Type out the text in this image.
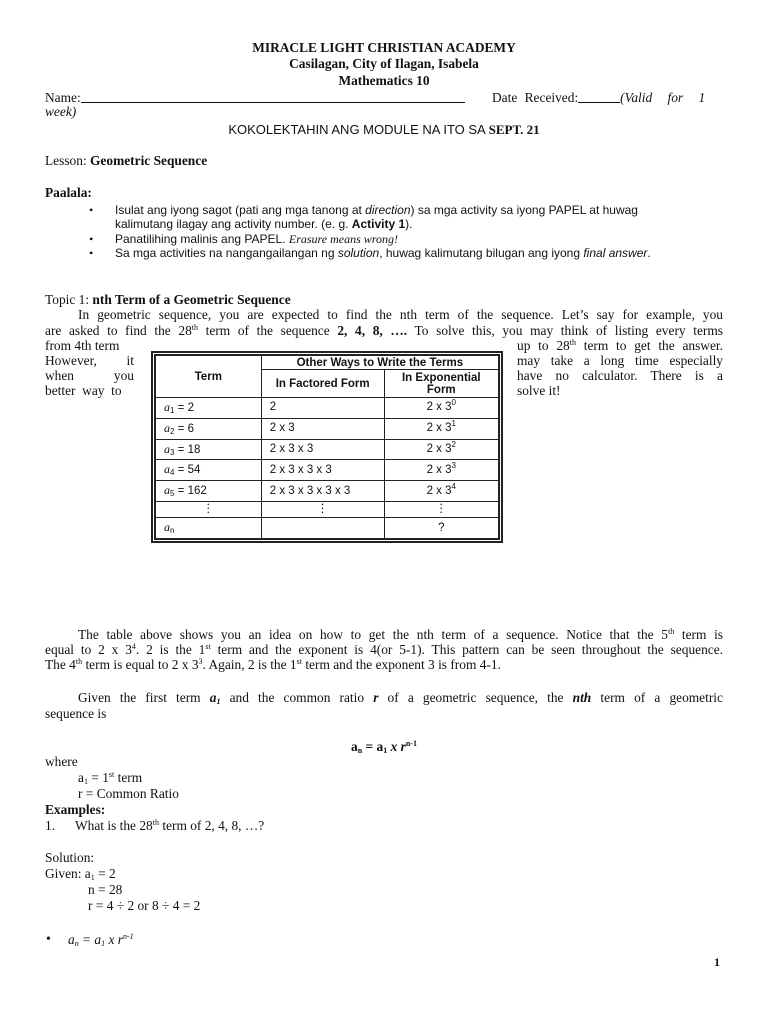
MIRACLE LIGHT CHRISTIAN ACADEMY
Casilagan, City of Ilagan, Isabela
Mathematics 10
Name:	Date Received:	(Valid for 1
week)
KOKOLEKTAHIN ANG MODULE NA ITO SA SEPT. 21
Lesson: Geometric Sequence
Paalala:
• Isulat ang iyong sagot (pati ang mga tanong at direction) sa mga activity sa iyong PAPEL at huwag
kalimutang ilagay ang activity number. (e. g. Activity 1).
• Panatilihing malinis ang PAPEL. Erasure means wrong!
• Sa mga activities na nangangailangan ng solution, huwag kalimutang bilugan ang iyong final answer.
Topic 1: nth Term of a Geometric Sequence
In geometric sequence, you are expected to find the nth term of the sequence. Let’s say for example, you
are asked to find the 28th term of the sequence 2, 4, 8, …. To solve this, you may think of listing every terms
from 4th term	up to 28th term to get the answer.
However,   it	may take a long time especially
when       you	have no calculator. There is a
better  way  to	solve it!
Term	Other Ways to Write the Terms	
	In Factored Form	In Exponential Form
$a_1 = 2$	2	2 x $3^0$
$a_2 = 6$	2 x 3	2 x $3^1$
$a_3 = 18$	2 x 3 x 3	2 x $3^2$
$a_4 = 54$	2 x 3 x 3 x 3	2 x $3^3$
$a_5 = 162$	2 x 3 x 3 x 3 x 3	2 x $3^4$
⋮	⋮	⋮
$a_n$		?
The table above shows you an idea on how to get the nth term of a sequence. Notice that the 5th term is
equal to 2 x $3^4$. 2 is the 1st term and the exponent is 4(or 5-1). This pattern can be seen throughout the sequence.
The 4th term is equal to 2 x $3^3$. Again, 2 is the 1st term and the exponent 3 is from 4-1.
Given the first term $a_1$ and the common ratio r of a geometric sequence, the nth term of a geometric
sequence is
$a_n = a_1$ x $r^{n-1}$
where
$a_1 = 1st$ term
r = Common Ratio
Examples:
1. What is the 28th term of 2, 4, 8, …?
Solution:
Given: $a_1 = 2$
n = 28
r = 4 ÷ 2 or 8 ÷ 4 = 2
• $a_n = a_1$ x $r^{n-1}$
1
